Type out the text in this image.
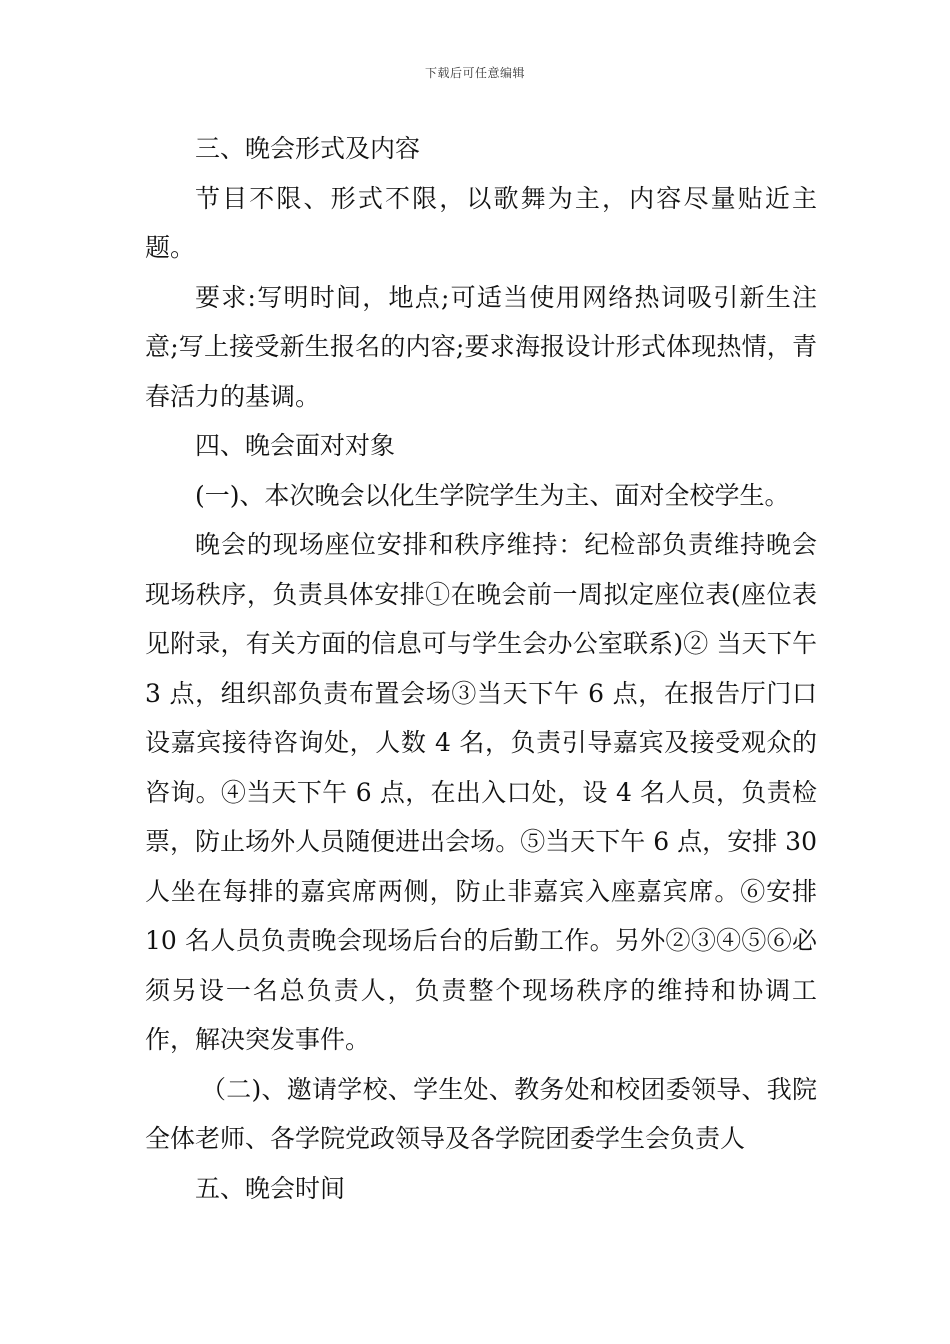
下载后可任意编辑

三、晚会形式及内容

节目不限、形式不限，以歌舞为主，内容尽量贴近主题。

要求:写明时间，地点;可适当使用网络热词吸引新生注意;写上接受新生报名的内容;要求海报设计形式体现热情，青春活力的基调。

四、晚会面对对象

(一)、本次晚会以化生学院学生为主、面对全校学生。

晚会的现场座位安排和秩序维持：纪检部负责维持晚会现场秩序，负责具体安排①在晚会前一周拟定座位表(座位表见附录，有关方面的信息可与学生会办公室联系)② 当天下午 3 点，组织部负责布置会场③当天下午 6 点，在报告厅门口设嘉宾接待咨询处，人数 4 名，负责引导嘉宾及接受观众的咨询。④当天下午 6 点，在出入口处，设 4 名人员，负责检票，防止场外人员随便进出会场。⑤当天下午 6 点，安排 30 人坐在每排的嘉宾席两侧，防止非嘉宾入座嘉宾席。⑥安排 10 名人员负责晚会现场后台的后勤工作。另外②③④⑤⑥必须另设一名总负责人，负责整个现场秩序的维持和协调工作，解决突发事件。

（二)、邀请学校、学生处、教务处和校团委领导、我院全体老师、各学院党政领导及各学院团委学生会负责人

五、晚会时间
